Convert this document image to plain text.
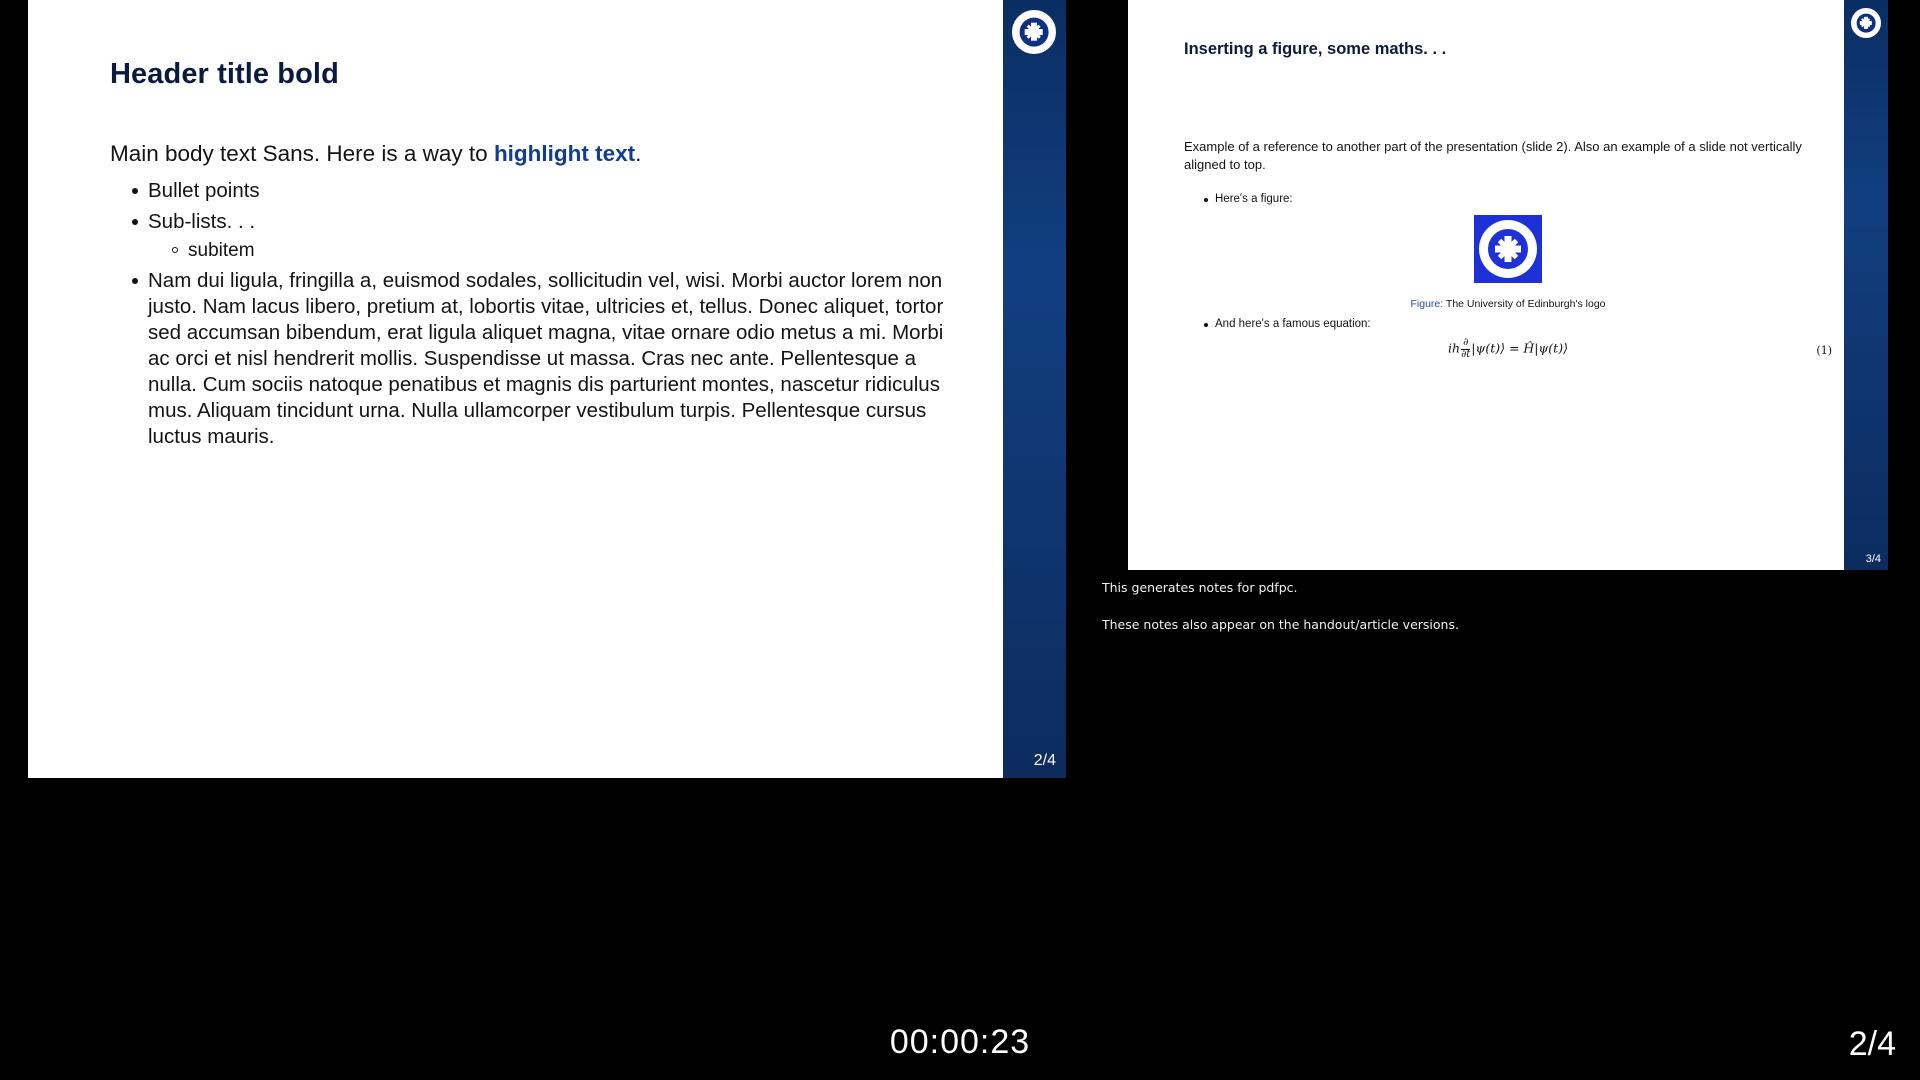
Header title bold
Main body text Sans. Here is a way to highlight text.
Bullet points
Sub-lists. . .
subitem
Nam dui ligula, fringilla a, euismod sodales, sollicitudin vel, wisi. Morbi auctor lorem non justo. Nam lacus libero, pretium at, lobortis vitae, ultricies et, tellus. Donec aliquet, tortor sed accumsan bibendum, erat ligula aliquet magna, vitae ornare odio metus a mi. Morbi ac orci et nisl hendrerit mollis. Suspendisse ut massa. Cras nec ante. Pellentesque a nulla. Cum sociis natoque penatibus et magnis dis parturient montes, nascetur ridiculus mus. Aliquam tincidunt urna. Nulla ullamcorper vestibulum turpis. Pellentesque cursus luctus mauris.
2/4
Inserting a figure, some maths. . .
Example of a reference to another part of the presentation (slide 2). Also an example of a slide not vertically aligned to top.
Here's a figure:
Figure: The University of Edinburgh's logo
And here's a famous equation:
ih $\frac{\partial}{\partial t}$ |ψ(t)⟩ = Ĥ|ψ(t)⟩	(1)
3/4
This generates notes for pdfpc.
These notes also appear on the handout/article versions.
00:00:23	2/4
